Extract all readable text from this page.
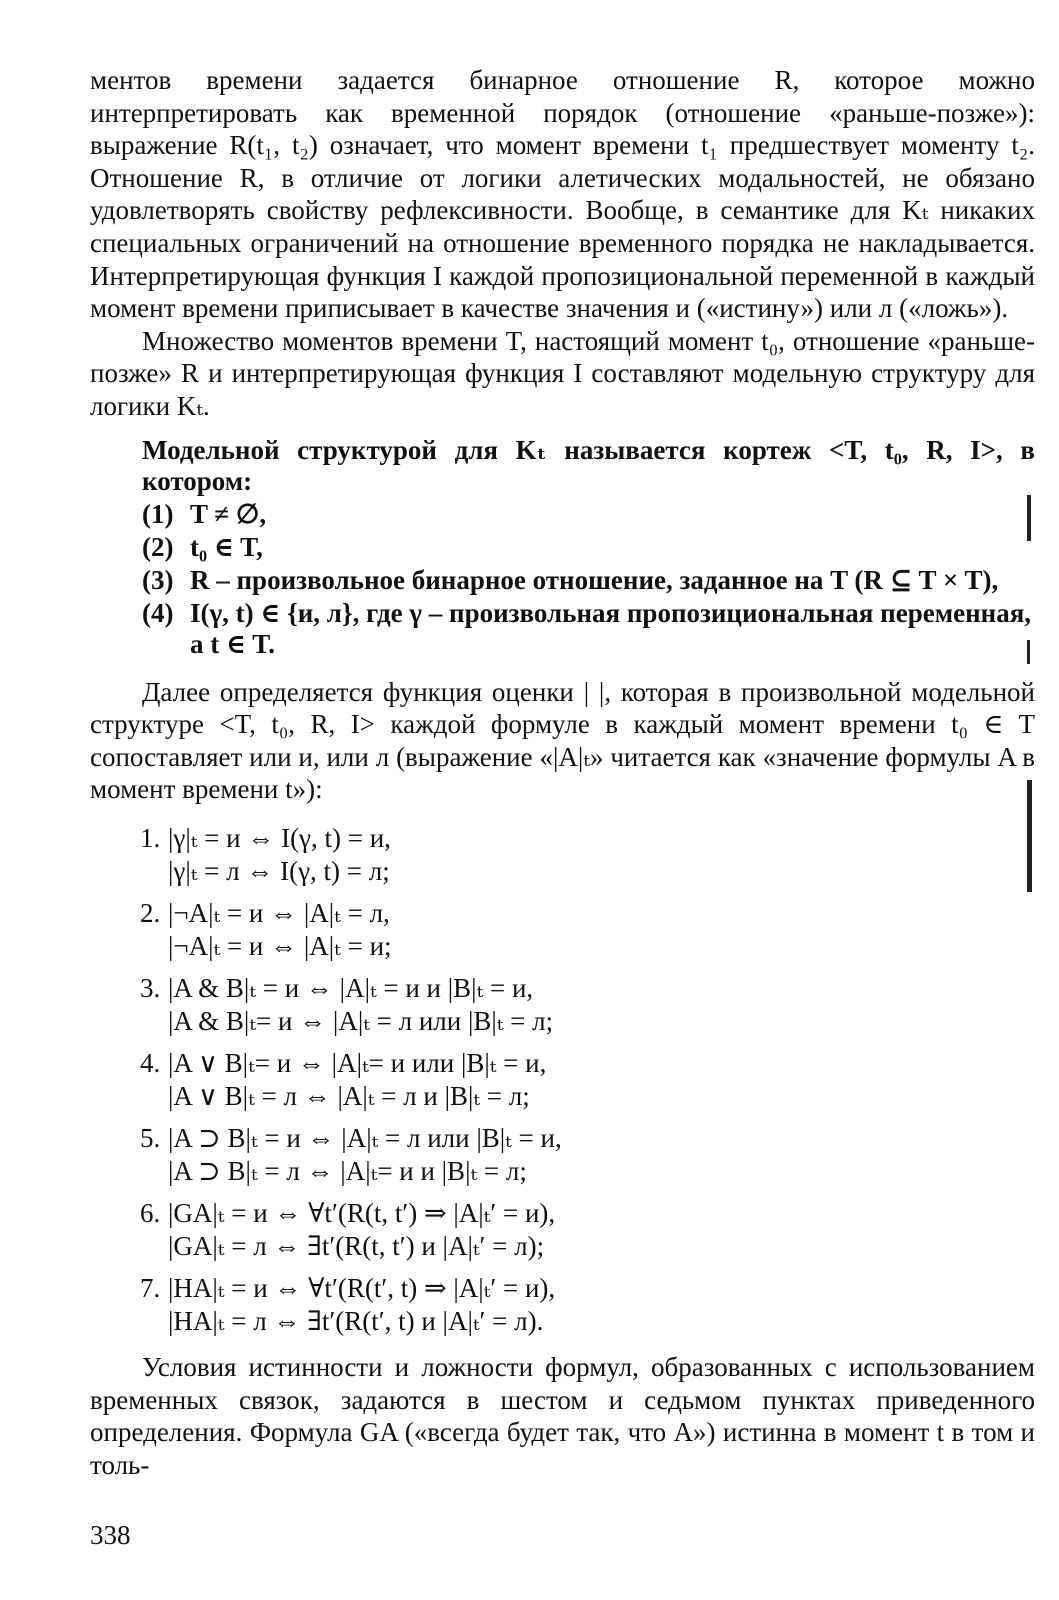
ментов времени задается бинарное отношение R, которое можно интерпретировать как временной порядок (отношение «раньше-позже»): выражение R(t₁, t₂) означает, что момент времени t₁ предшествует моменту t₂. Отношение R, в отличие от логики алетических модальностей, не обязано удовлетворять свойству рефлексивности. Вообще, в семантике для Kₜ никаких специальных ограничений на отношение временного порядка не накладывается. Интерпретирующая функция I каждой пропозициональной переменной в каждый момент времени приписывает в качестве значения и («истину») или л («ложь»).

Множество моментов времени T, настоящий момент t₀, отношение «раньше-позже» R и интерпретирующая функция I составляют модельную структуру для логики Kₜ.

Модельной структурой для Kₜ называется кортеж <T, t₀, R, I>, в котором:

(1) T ≠ ∅,
(2) t₀ ∈ T,
(3) R – произвольное бинарное отношение, заданное на T (R ⊆ T × T),
(4) I(γ, t) ∈ {и, л}, где γ – произвольная пропозициональная переменная, а t ∈ T.

Далее определяется функция оценки | |, которая в произвольной модельной структуре <T, t₀, R, I> каждой формуле в каждый момент времени t₀ ∈ T сопоставляет или и, или л (выражение «|A|ₜ» читается как «значение формулы A в момент времени t»):

1. |γ|ₜ = и ⇔ I(γ, t) = и,
|γ|ₜ = л ⇔ I(γ, t) = л;
2. |¬A|ₜ = и ⇔ |A|ₜ = л,
|¬A|ₜ = и ⇔ |A|ₜ = и;
3. |A & B|ₜ = и ⇔ |A|ₜ = и и |B|ₜ = и,
|A & B|ₜ= и ⇔ |A|ₜ = л или |B|ₜ = л;
4. |A ∨ B|ₜ= и ⇔ |A|ₜ= и или |B|ₜ = и,
|A ∨ B|ₜ = л ⇔ |A|ₜ = л и |B|ₜ = л;
5. |A ⊃ B|ₜ = и ⇔ |A|ₜ = л или |B|ₜ = и,
|A ⊃ B|ₜ = л ⇔ |A|ₜ= и и |B|ₜ = л;
6. |GA|ₜ = и ⇔ ∀t′(R(t, t′) ⇒ |A|ₜ′ = и),
|GA|ₜ = л ⇔ ∃t′(R(t, t′) и |A|ₜ′ = л);
7. |HA|ₜ = и ⇔ ∀t′(R(t′, t) ⇒ |A|ₜ′ = и),
|HA|ₜ = л ⇔ ∃t′(R(t′, t) и |A|ₜ′ = л).

Условия истинности и ложности формул, образованных с использованием временных связок, задаются в шестом и седьмом пунктах приведенного определения. Формула GA («всегда будет так, что A») истинна в момент t в том и толь-

338
